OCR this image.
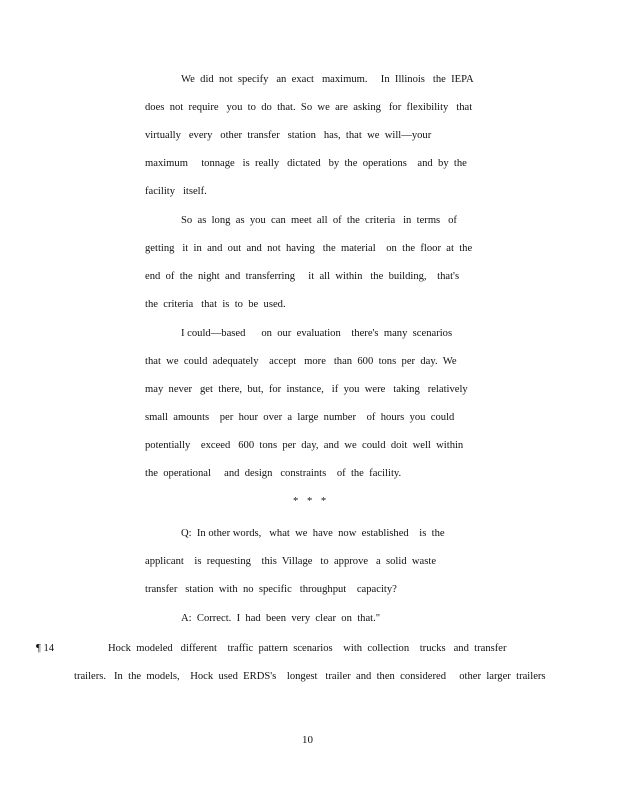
We  did  not  specify   an  exact   maximum.     In  Illinois   the  IEPA
does  not  require   you  to  do  that.  So  we  are  asking   for  flexibility   that
virtually   every   other  transfer   station   has,  that  we  will—your
maximum     tonnage   is  really   dictated   by  the  operations    and  by  the
facility   itself.
So  as  long  as  you  can  meet  all  of  the  criteria   in  terms   of
getting   it  in  and  out  and  not  having   the  material    on  the  floor  at  the
end  of  the  night  and  transferring     it  all  within   the  building,    that's
the  criteria   that  is  to  be  used.
I could—based      on  our  evaluation    there's  many  scenarios
that  we  could  adequately    accept   more   than  600  tons  per  day.  We
may  never   get  there,  but,  for  instance,   if  you  were   taking   relatively
small  amounts    per  hour  over  a  large  number    of  hours  you  could
potentially    exceed   600  tons  per  day,  and  we  could  doit  well  within
the  operational     and  design   constraints    of  the  facility.
* * *
Q:  In other words,   what  we  have  now  established    is  the
applicant    is  requesting    this  Village   to  approve   a  solid  waste
transfer   station  with  no  specific   throughput    capacity?
A:  Correct.  I  had  been  very  clear  on  that."
¶ 14	Hock  modeled   different    traffic  pattern  scenarios    with  collection    trucks   and  transfer
trailers.   In  the  models,    Hock  used  ERDS's    longest   trailer  and  then  considered     other  larger  trailers
10
